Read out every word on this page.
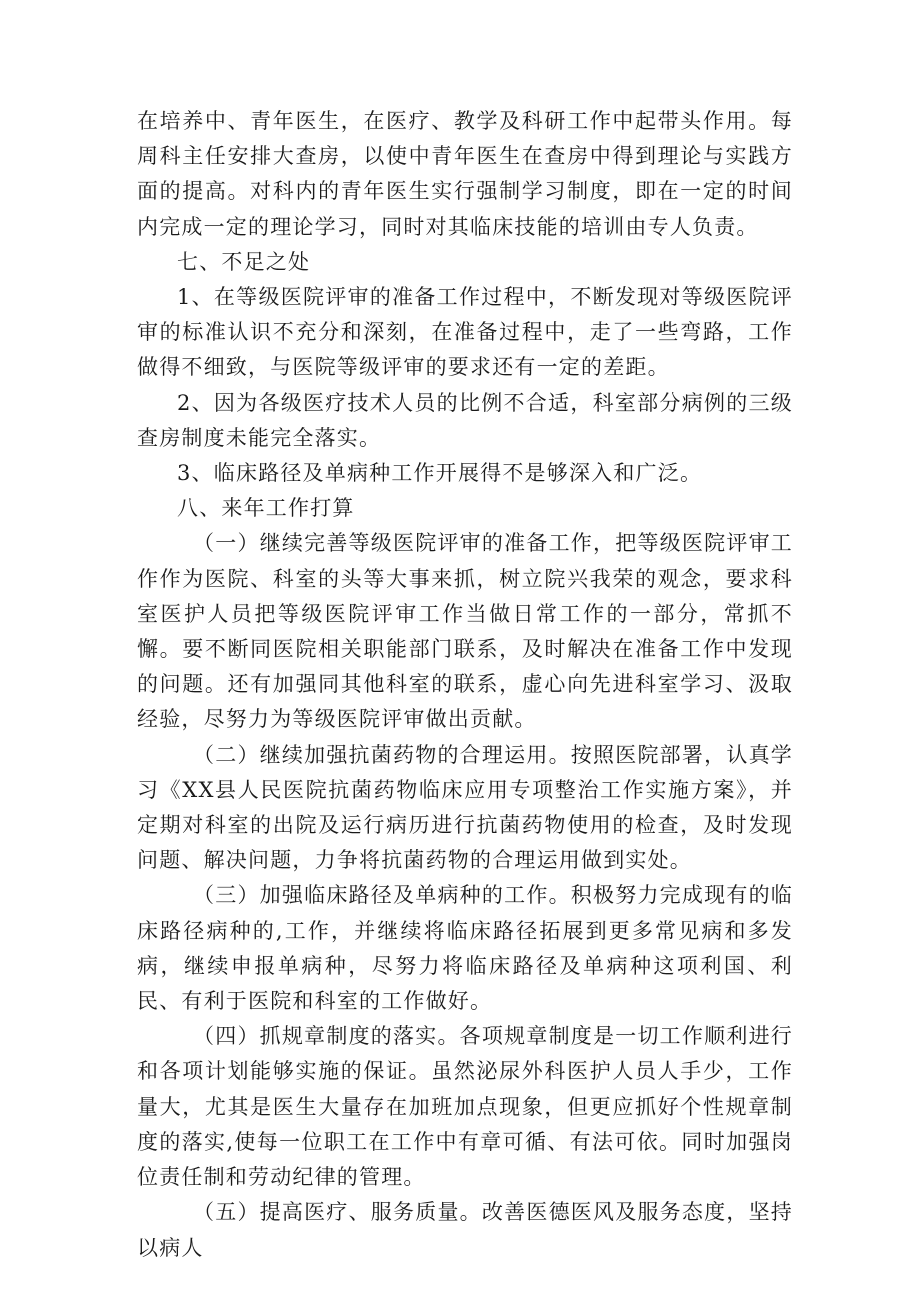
在培养中、青年医生，在医疗、教学及科研工作中起带头作用。每周科主任安排大查房，以使中青年医生在查房中得到理论与实践方面的提高。对科内的青年医生实行强制学习制度，即在一定的时间内完成一定的理论学习，同时对其临床技能的培训由专人负责。

七、不足之处

1、在等级医院评审的准备工作过程中，不断发现对等级医院评审的标准认识不充分和深刻，在准备过程中，走了一些弯路，工作做得不细致，与医院等级评审的要求还有一定的差距。

2、因为各级医疗技术人员的比例不合适，科室部分病例的三级查房制度未能完全落实。

3、临床路径及单病种工作开展得不是够深入和广泛。

八、来年工作打算

（一）继续完善等级医院评审的准备工作，把等级医院评审工作作为医院、科室的头等大事来抓，树立院兴我荣的观念，要求科室医护人员把等级医院评审工作当做日常工作的一部分，常抓不懈。要不断同医院相关职能部门联系，及时解决在准备工作中发现的问题。还有加强同其他科室的联系，虚心向先进科室学习、汲取经验，尽努力为等级医院评审做出贡献。

（二）继续加强抗菌药物的合理运用。按照医院部署，认真学习《XX县人民医院抗菌药物临床应用专项整治工作实施方案》，并定期对科室的出院及运行病历进行抗菌药物使用的检查，及时发现问题、解决问题，力争将抗菌药物的合理运用做到实处。

（三）加强临床路径及单病种的工作。积极努力完成现有的临床路径病种的,工作，并继续将临床路径拓展到更多常见病和多发病，继续申报单病种，尽努力将临床路径及单病种这项利国、利民、有利于医院和科室的工作做好。

（四）抓规章制度的落实。各项规章制度是一切工作顺利进行和各项计划能够实施的保证。虽然泌尿外科医护人员人手少，工作量大，尤其是医生大量存在加班加点现象，但更应抓好个性规章制度的落实,使每一位职工在工作中有章可循、有法可依。同时加强岗位责任制和劳动纪律的管理。

（五）提高医疗、服务质量。改善医德医风及服务态度，坚持以病人
